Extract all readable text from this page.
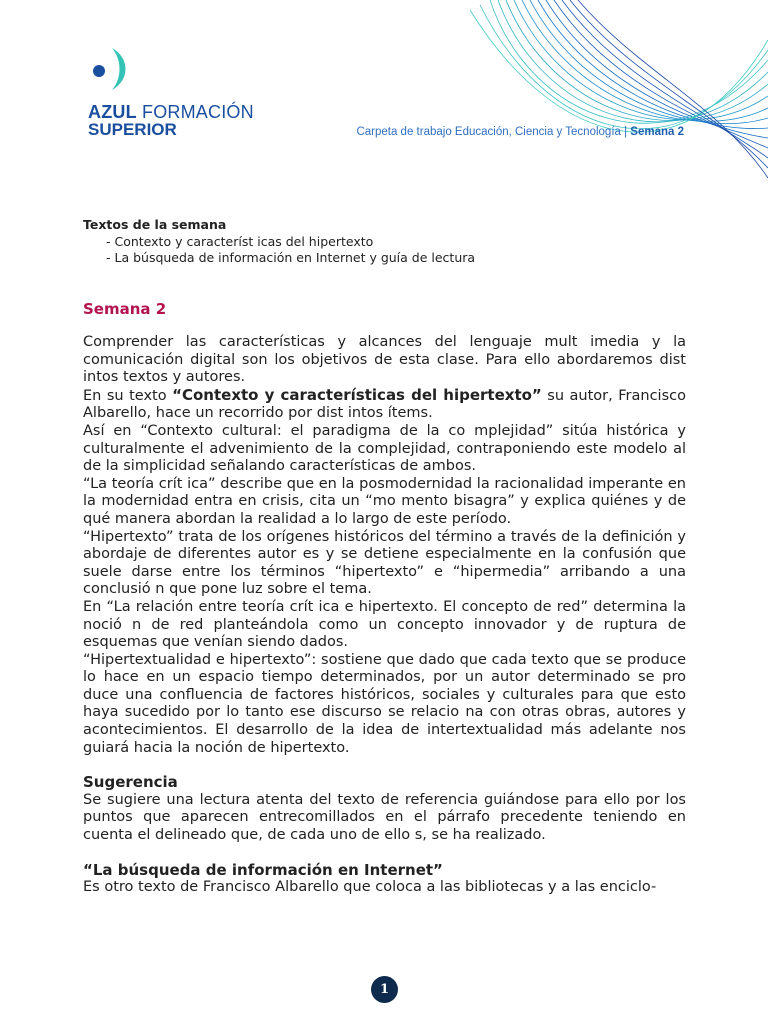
AZUL FORMACIÓN
SUPERIOR	Carpeta de trabajo Educación, Ciencia y Tecnología | Semana 2
Textos de la semana
- Contexto y característ icas del hipertexto
- La búsqueda de información en Internet y guía de lectura
Semana 2

Comprender las características y alcances del lenguaje mult imedia y la comunicación digital son los objetivos de esta clase. Para ello abordaremos dist intos textos y autores.

En su texto “Contexto y características del hipertexto” su autor, Francisco Albarello, hace un recorrido por dist intos ítems.

Así en “Contexto cultural: el paradigma de la co mplejidad” sitúa histórica y culturalmente el advenimiento de la complejidad, contraponiendo este modelo al de la simplicidad señalando características de ambos.

“La teoría crít ica” describe que en la posmodernidad la racionalidad imperante en la modernidad entra en crisis, cita un “mo mento bisagra” y explica quiénes y de qué manera abordan la realidad a lo largo de este período.

“Hipertexto” trata de los orígenes históricos del término a través de la definición y abordaje de diferentes autor es y se detiene especialmente en la confusión que suele darse entre los términos “hipertexto” e “hipermedia” arribando a una conclusió n que pone luz sobre el tema.

En “La relación entre teoría crít ica e hipertexto. El concepto de red” determina la noció n de red planteándola como un concepto innovador y de ruptura de esquemas que venían siendo dados.

“Hipertextualidad e hipertexto”: sostiene que dado que cada texto que se produce lo hace en un espacio tiempo determinados, por un autor determinado se pro duce una confluencia de factores históricos, sociales y culturales para que esto haya sucedido por lo tanto ese discurso se relacio na con otras obras, autores y acontecimientos. El desarrollo de la idea de intertextualidad más adelante nos guiará hacia la noción de hipertexto.

Sugerencia

Se sugiere una lectura atenta del texto de referencia guiándose para ello por los puntos que aparecen entrecomillados en el párrafo precedente teniendo en cuenta el delineado que, de cada uno de ello s, se ha realizado.

“La búsqueda de información en Internet”

Es otro texto de Francisco Albarello que coloca a las bibliotecas y a las enciclo-

1
